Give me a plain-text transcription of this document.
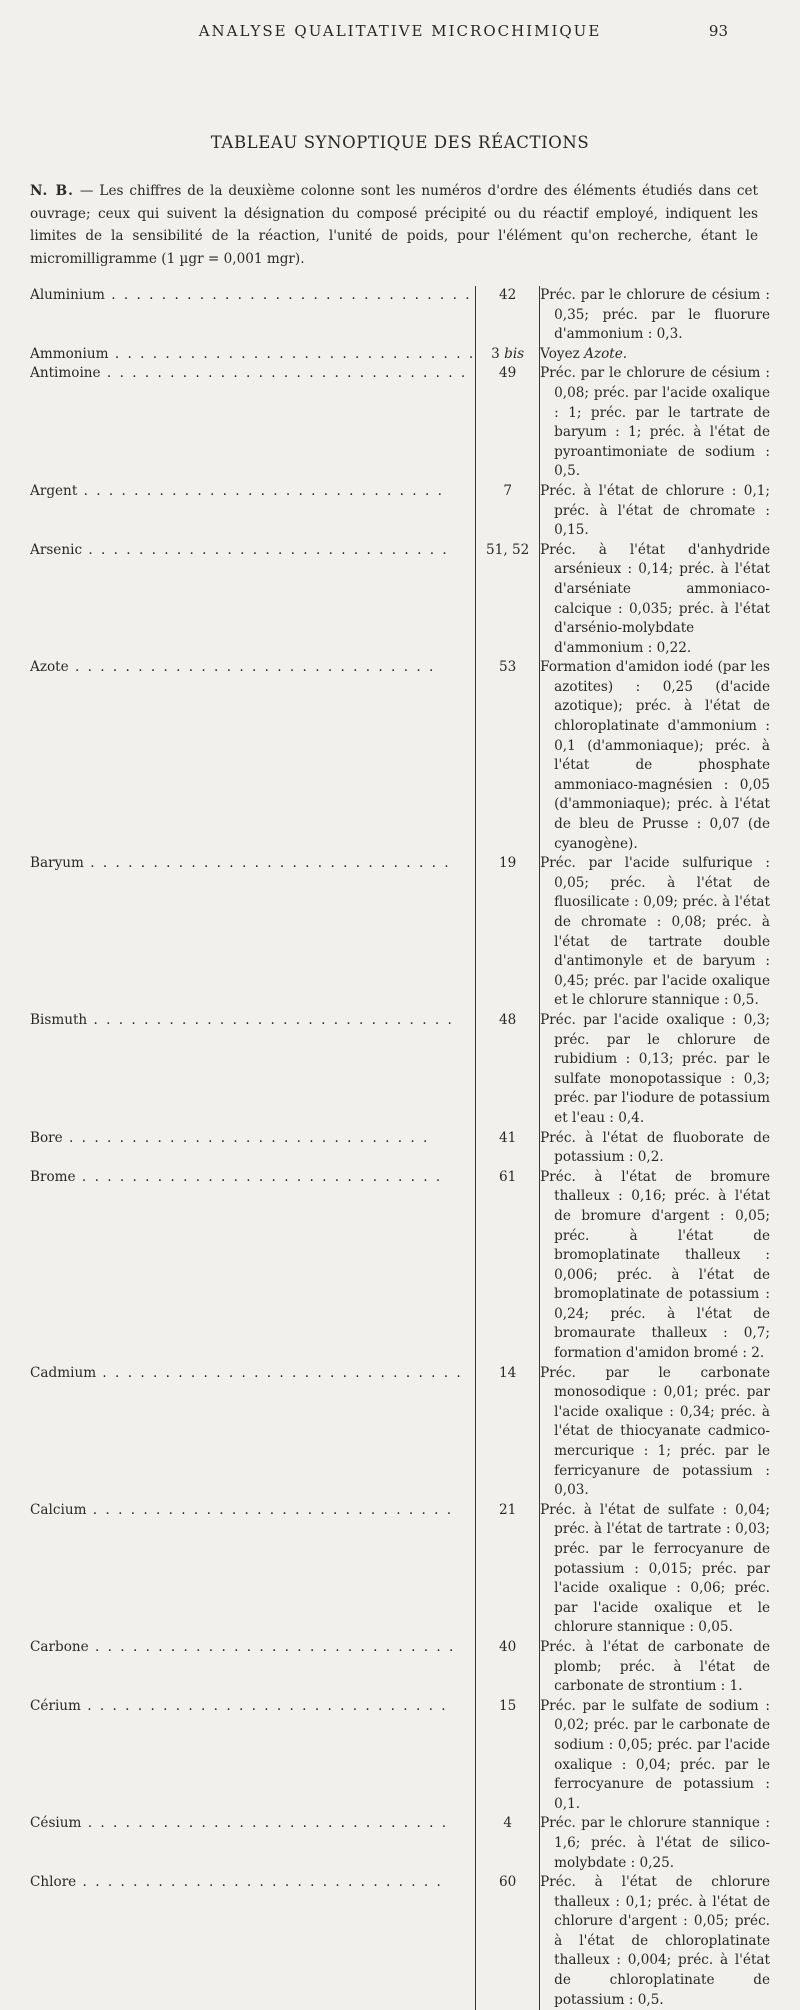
ANALYSE QUALITATIVE MICROCHIMIQUE	93
TABLEAU SYNOPTIQUE DES RÉACTIONS
N. B. — Les chiffres de la deuxième colonne sont les numéros d'ordre des éléments étudiés dans cet ouvrage; ceux qui suivent la désignation du composé précipité ou du réactif employé, indiquent les limites de la sensibilité de la réaction, l'unité de poids, pour l'élément qu'on recherche, étant le micromilligramme (1 µgr = 0,001 mgr).
Aluminium . . .	42	Préc. par le chlorure de césium : 0,35; préc. par le fluorure d'ammonium : 0,3.

Ammonium . . .	3 bis	Voyez Azote.

Antimoine . . .	49	Préc. par le chlorure de césium : 0,08; préc. par l'acide oxalique : 1; préc. par le tartrate de baryum : 1; préc. à l'état de pyroantimoniate de sodium : 0,5.

Argent . . .	7	Préc. à l'état de chlorure : 0,1; préc. à l'état de chromate : 0,15.

Arsenic . . .	51, 52	Préc. à l'état d'anhydride arsénieux : 0,14; préc. à l'état d'arséniate ammoniaco-calcique : 0,035; préc. à l'état d'arsénio-molybdate d'ammonium : 0,22.

Azote . . .	53	Formation d'amidon iodé (par les azotites) : 0,25 (d'acide azotique); préc. à l'état de chloroplatinate d'ammonium : 0,1 (d'ammoniaque); préc. à l'état de phosphate ammoniaco-magnésien : 0,05 (d'ammoniaque); préc. à l'état de bleu de Prusse : 0,07 (de cyanogène).

Baryum . . .	19	Préc. par l'acide sulfurique : 0,05; préc. à l'état de fluosilicate : 0,09; préc. à l'état de chromate : 0,08; préc. à l'état de tartrate double d'antimonyle et de baryum : 0,45; préc. par l'acide oxalique et le chlorure stannique : 0,5.

Bismuth . . .	48	Préc. par l'acide oxalique : 0,3; préc. par le chlorure de rubidium : 0,13; préc. par le sulfate monopotassique : 0,3; préc. par l'iodure de potassium et l'eau : 0,4.

Bore . . .	41	Préc. à l'état de fluoborate de potassium : 0,2.

Brome . . .	61	Préc. à l'état de bromure thalleux : 0,16; préc. à l'état de bromure d'argent : 0,05; préc. à l'état de bromoplatinate thalleux : 0,006; préc. à l'état de bromoplatinate de potassium : 0,24; préc. à l'état de bromaurate thalleux : 0,7; formation d'amidon bromé : 2.

Cadmium . . .	14	Préc. par le carbonate monosodique : 0,01; préc. par l'acide oxalique : 0,34; préc. à l'état de thiocyanate cadmico-mercurique : 1; préc. par le ferricyanure de potassium : 0,03.

Calcium . . .	21	Préc. à l'état de sulfate : 0,04; préc. à l'état de tartrate : 0,03; préc. par le ferrocyanure de potassium : 0,015; préc. par l'acide oxalique : 0,06; préc. par l'acide oxalique et le chlorure stannique : 0,05.

Carbone . . .	40	Préc. à l'état de carbonate de plomb; préc. à l'état de carbonate de strontium : 1.

Cérium . . .	15	Préc. par le sulfate de sodium : 0,02; préc. par le carbonate de sodium : 0,05; préc. par l'acide oxalique : 0,04; préc. par le ferrocyanure de potassium : 0,1.

Césium . . .	4	Préc. par le chlorure stannique : 1,6; préc. à l'état de silico-molybdate : 0,25.

Chlore . . .	60	Préc. à l'état de chlorure thalleux : 0,1; préc. à l'état de chlorure d'argent : 0,05; préc. à l'état de chloroplatinate thalleux : 0,004; préc. à l'état de chloroplatinate de potassium : 0,5.
